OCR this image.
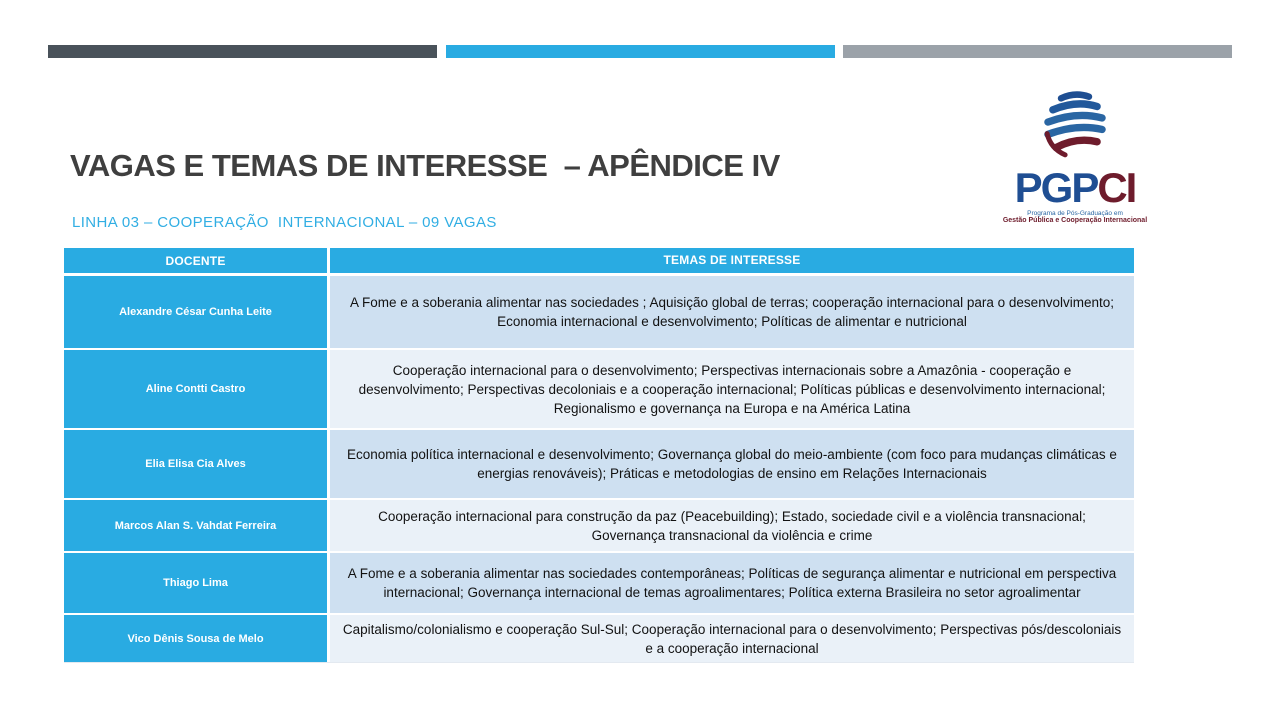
VAGAS E TEMAS DE INTERESSE  – APÊNDICE IV
LINHA 03 – COOPERAÇÃO  INTERNACIONAL – 09 VAGAS
PGPCI
Programa de Pós-Graduação em
Gestão Pública e Cooperação Internacional
DOCENTE	TEMAS DE INTERESSE
Alexandre César Cunha Leite
A Fome e a soberania alimentar nas sociedades ; Aquisição global de terras; cooperação internacional para o desenvolvimento; Economia internacional e desenvolvimento; Políticas de alimentar e nutricional
Aline Contti Castro
Cooperação internacional para o desenvolvimento; Perspectivas internacionais sobre a Amazônia - cooperação e desenvolvimento; Perspectivas decoloniais e a cooperação internacional; Políticas públicas e desenvolvimento internacional; Regionalismo e governança na Europa e na América Latina
Elia Elisa Cia Alves
Economia política internacional e desenvolvimento; Governança global do meio-ambiente (com foco para mudanças climáticas e energias renováveis); Práticas e metodologias de ensino em Relações Internacionais
Marcos Alan S. Vahdat Ferreira
Cooperação internacional para construção da paz (Peacebuilding); Estado, sociedade civil e a violência transnacional; Governança transnacional da violência e crime
Thiago Lima
A Fome e a soberania alimentar nas sociedades contemporâneas; Políticas de segurança alimentar e nutricional em perspectiva internacional; Governança internacional de temas agroalimentares; Política externa Brasileira no setor agroalimentar
Vico Dênis Sousa de Melo
Capitalismo/colonialismo e cooperação Sul-Sul; Cooperação internacional para o desenvolvimento; Perspectivas pós/descoloniais e a cooperação internacional
